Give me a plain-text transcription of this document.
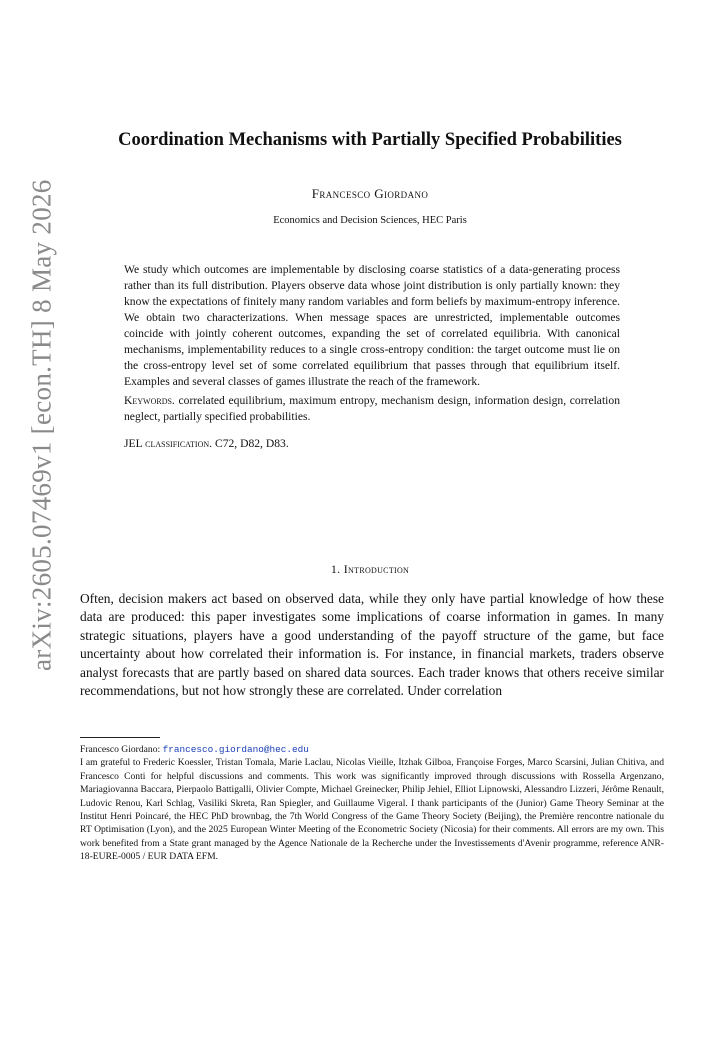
arXiv:2605.07469v1 [econ.TH] 8 May 2026
Coordination Mechanisms with Partially Specified Probabilities
Francesco Giordano
Economics and Decision Sciences, HEC Paris

We study which outcomes are implementable by disclosing coarse statistics of a data-generating process rather than its full distribution. Players observe data whose joint distribution is only partially known: they know the expectations of finitely many random variables and form beliefs by maximum-entropy inference. We obtain two characterizations. When message spaces are unrestricted, implementable outcomes coincide with jointly coherent outcomes, expanding the set of correlated equilibria. With canonical mechanisms, implementability reduces to a single cross-entropy condition: the target outcome must lie on the cross-entropy level set of some correlated equilibrium that passes through that equilibrium itself. Examples and several classes of games illustrate the reach of the framework.

Keywords. correlated equilibrium, maximum entropy, mechanism design, information design, correlation neglect, partially specified probabilities.

JEL classification. C72, D82, D83.

1. Introduction

Often, decision makers act based on observed data, while they only have partial knowledge of how these data are produced: this paper investigates some implications of coarse information in games. In many strategic situations, players have a good understanding of the payoff structure of the game, but face uncertainty about how correlated their information is. For instance, in financial markets, traders observe analyst forecasts that are partly based on shared data sources. Each trader knows that others receive similar recommendations, but not how strongly these are correlated. Under correlation

Francesco Giordano: francesco.giordano@hec.edu

I am grateful to Frederic Koessler, Tristan Tomala, Marie Laclau, Nicolas Vieille, Itzhak Gilboa, Françoise Forges, Marco Scarsini, Julian Chitiva, and Francesco Conti for helpful discussions and comments. This work was significantly improved through discussions with Rossella Argenzano, Mariagiovanna Baccara, Pierpaolo Battigalli, Olivier Compte, Michael Greinecker, Philip Jehiel, Elliot Lipnowski, Alessandro Lizzeri, Jérôme Renault, Ludovic Renou, Karl Schlag, Vasiliki Skreta, Ran Spiegler, and Guillaume Vigeral. I thank participants of the (Junior) Game Theory Seminar at the Institut Henri Poincaré, the HEC PhD brownbag, the 7th World Congress of the Game Theory Society (Beijing), the Première rencontre nationale du RT Optimisation (Lyon), and the 2025 European Winter Meeting of the Econometric Society (Nicosia) for their comments. All errors are my own. This work benefited from a State grant managed by the Agence Nationale de la Recherche under the Investissements d'Avenir programme, reference ANR-18-EURE-0005 / EUR DATA EFM.
